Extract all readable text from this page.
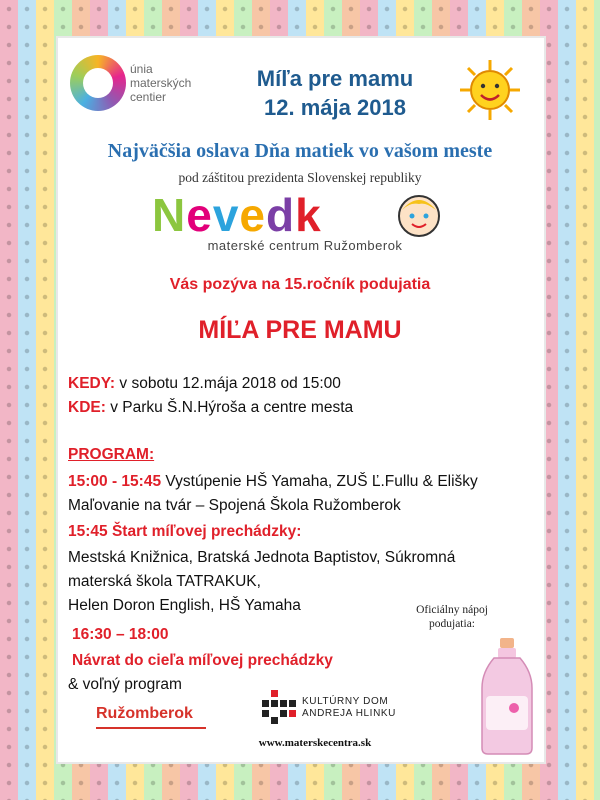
únia
materských
centier
Míľa pre mamu
12. mája 2018
Najväčšia oslava Dňa matiek vo vašom meste
pod záštitou prezidenta Slovenskej republiky
Nevedk
materské centrum Ružomberok
Vás pozýva na 15.ročník podujatia
MÍĽA PRE MAMU
KEDY: v sobotu 12.mája 2018 od 15:00
KDE: v Parku Š.N.Hýroša a centre mesta
PROGRAM:
15:00 - 15:45 Vystúpenie HŠ Yamaha, ZUŠ Ľ.Fullu & Elišky
Maľovanie na tvár – Spojená Škola Ružomberok
15:45 Štart míľovej prechádzky:
Mestská Knižnica, Bratská Jednota Baptistov, Súkromná
materská škola TATRAKUK,
Helen Doron English, HŠ Yamaha
16:30 – 18:00
Návrat do cieľa míľovej prechádzky
& voľný program
Oficiálny nápoj
podujatia:
Ružomberok
KULTÚRNY DOM
ANDREJA HLINKU
www.materskecentra.sk
